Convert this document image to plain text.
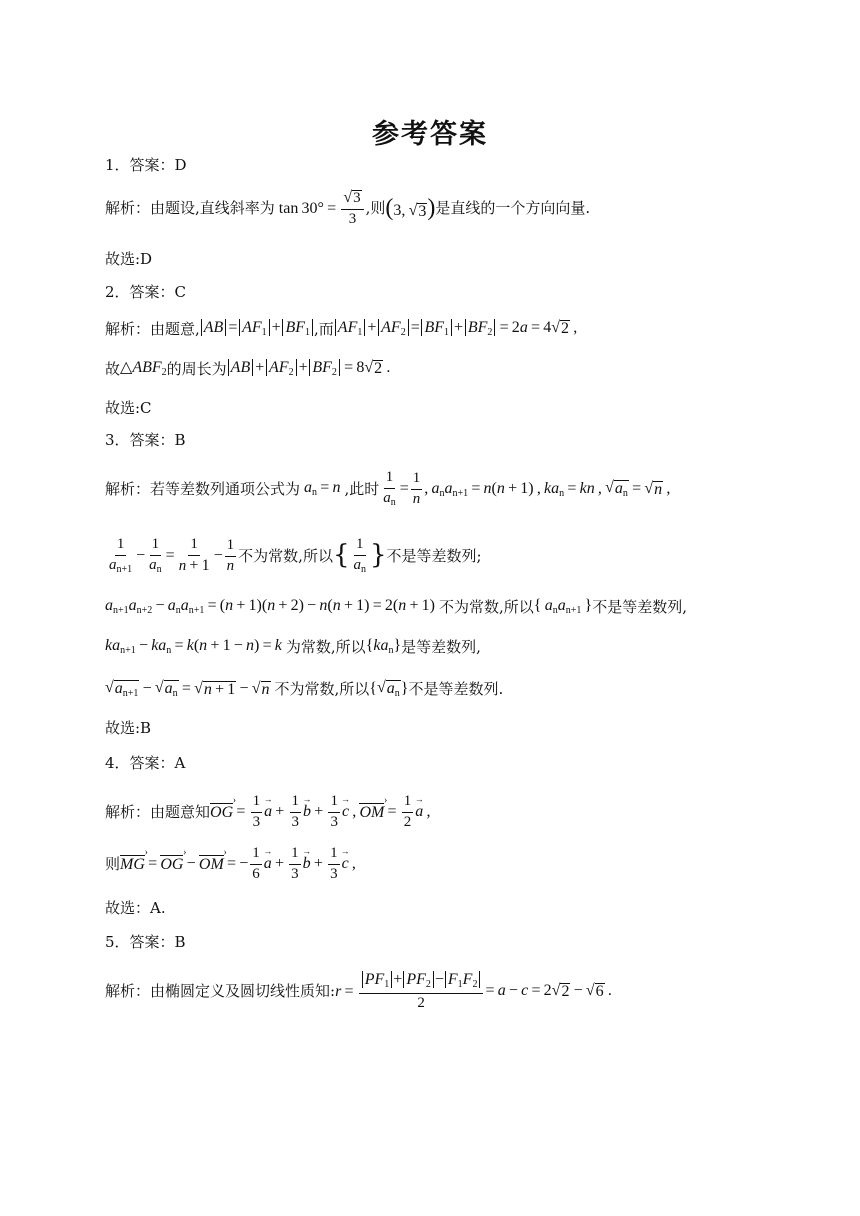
参考答案
1．答案：D
解析：由题设,直线斜率为 $\tan 30^\circ = \frac{√ 3}{3}$ ,则 (3,  √ 3 ) 是直线的一个方向向量.
故选:D
2．答案：C
解析：由题意, AB = $AF_1 + BF_1$ ,而 $AF_1 + AF_2 = BF_1 + BF_2 = 2a = 4$ √ 2  ,
故 $\triangle ABF_2$ 的周长为 AB + $AF_2 + BF_2 = 8$ √ 2  .
故选:C
3．答案：B
解析：若等差数列通项公式为 $a_n = n$ ,此时 $\frac{1}{a_n} = \frac{1}{n}$ , $a_na_{n+1} = n(n + 1)$ , $ka_n$ = kn ,  √ $a_n$  =  √ n  ,
$\frac{1}{a_{n+1}} - \frac{1}{a_n} = \frac{1}{n + 1} - \frac{1}{n}$ 不为常数,所以 { $\frac{1}{a_n}$ } 不是等差数列;
$a_{n+1}a_{n+2} - a_na_{n+1} = (n + 1)(n + 2) - n(n + 1) = 2(n + 1)$ 不为常数,所以 { $a_na_{n+1}$ } 不是等差数列,
$ka_{n+1} - ka_n = k(n + 1 - n) = k$ 为常数,所以 $\{ka_n\}$ 是等差数列,
√ $a_{n+1}$  −  √ $a_n$  =  √ n + 1  −  √ n
不为常数,所以 { √ $a_n$ } 不是等差数列.
故选:B
4．答案：A
解析：由题意知 OG ›  =  $\frac{1}{3}$
→ $a + \frac{1}{3}$
→ $b + \frac{1}{3}$
→ c  ,  OM ›  =  $\frac{1}{2}$
→ a  ,
则 MG ›  =  OG ›  −  OM ›  = − $\frac{1}{6}$
→ $a + \frac{1}{3}$
→ $b + \frac{1}{3}$
→ c  ,
故选：A.
5．答案：B
解析：由椭圆定义及圆切线性质知: $r = \frac{PF_1 + PF_2 - F_1F_2}{2} = a - c = 2$ √ 2  −  √ 6  .
